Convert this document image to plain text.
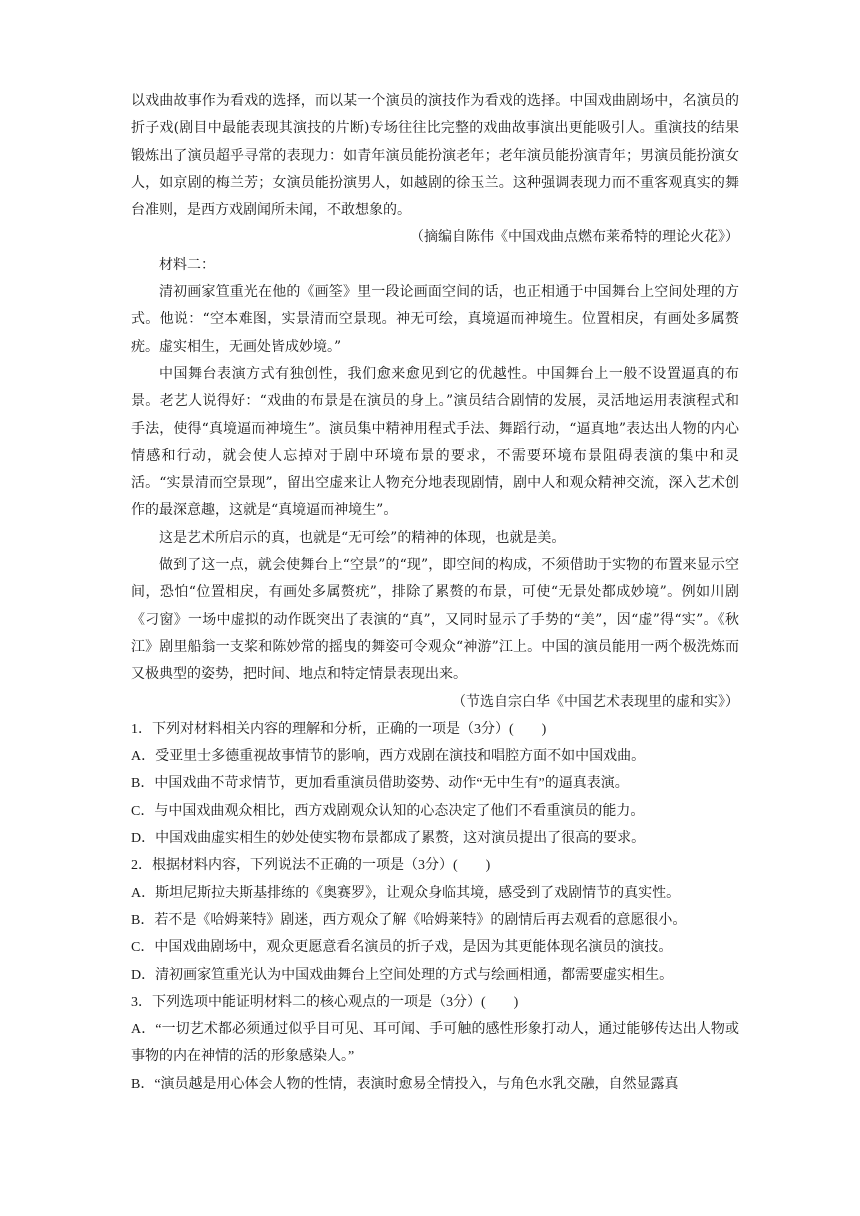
以戏曲故事作为看戏的选择，而以某一个演员的演技作为看戏的选择。中国戏曲剧场中，名演员的折子戏(剧目中最能表现其演技的片断)专场往往比完整的戏曲故事演出更能吸引人。重演技的结果锻炼出了演员超乎寻常的表现力：如青年演员能扮演老年；老年演员能扮演青年；男演员能扮演女人，如京剧的梅兰芳；女演员能扮演男人，如越剧的徐玉兰。这种强调表现力而不重客观真实的舞台准则，是西方戏剧闻所未闻，不敢想象的。

（摘编自陈伟《中国戏曲点燃布莱希特的理论火花》）

材料二：

清初画家笪重光在他的《画筌》里一段论画面空间的话，也正相通于中国舞台上空间处理的方式。他说：“空本难图，实景清而空景现。神无可绘，真境逼而神境生。位置相戾，有画处多属赘疣。虚实相生，无画处皆成妙境。”

中国舞台表演方式有独创性，我们愈来愈见到它的优越性。中国舞台上一般不设置逼真的布景。老艺人说得好：“戏曲的布景是在演员的身上。”演员结合剧情的发展，灵活地运用表演程式和手法，使得“真境逼而神境生”。演员集中精神用程式手法、舞蹈行动，“逼真地”表达出人物的内心情感和行动，就会使人忘掉对于剧中环境布景的要求，不需要环境布景阻碍表演的集中和灵活。“实景清而空景现”，留出空虚来让人物充分地表现剧情，剧中人和观众精神交流，深入艺术创作的最深意趣，这就是“真境逼而神境生”。

这是艺术所启示的真，也就是“无可绘”的精神的体现，也就是美。

做到了这一点，就会使舞台上“空景”的“现”，即空间的构成，不须借助于实物的布置来显示空间，恐怕“位置相戾，有画处多属赘疣”，排除了累赘的布景，可使“无景处都成妙境”。例如川剧《刁窗》一场中虚拟的动作既突出了表演的“真”，又同时显示了手势的“美”，因“虚”得“实”。《秋江》剧里船翁一支桨和陈妙常的摇曳的舞姿可令观众“神游”江上。中国的演员能用一两个极洗炼而又极典型的姿势，把时间、地点和特定情景表现出来。

（节选自宗白华《中国艺术表现里的虚和实》）

1．下列对材料相关内容的理解和分析，正确的一项是（3分）(　　)

A．受亚里士多德重视故事情节的影响，西方戏剧在演技和唱腔方面不如中国戏曲。

B．中国戏曲不苛求情节，更加看重演员借助姿势、动作“无中生有”的逼真表演。

C．与中国戏曲观众相比，西方戏剧观众认知的心态决定了他们不看重演员的能力。

D．中国戏曲虚实相生的妙处使实物布景都成了累赘，这对演员提出了很高的要求。

2．根据材料内容，下列说法不正确的一项是（3分）(　　)

A．斯坦尼斯拉夫斯基排练的《奥赛罗》，让观众身临其境，感受到了戏剧情节的真实性。

B．若不是《哈姆莱特》剧迷，西方观众了解《哈姆莱特》的剧情后再去观看的意愿很小。

C．中国戏曲剧场中，观众更愿意看名演员的折子戏，是因为其更能体现名演员的演技。

D．清初画家笪重光认为中国戏曲舞台上空间处理的方式与绘画相通，都需要虚实相生。

3．下列选项中能证明材料二的核心观点的一项是（3分）(　　)

A．“一切艺术都必须通过似乎目可见、耳可闻、手可触的感性形象打动人，通过能够传达出人物或事物的内在神情的活的形象感染人。”

B．“演员越是用心体会人物的性情，表演时愈易全情投入，与角色水乳交融，自然显露真
